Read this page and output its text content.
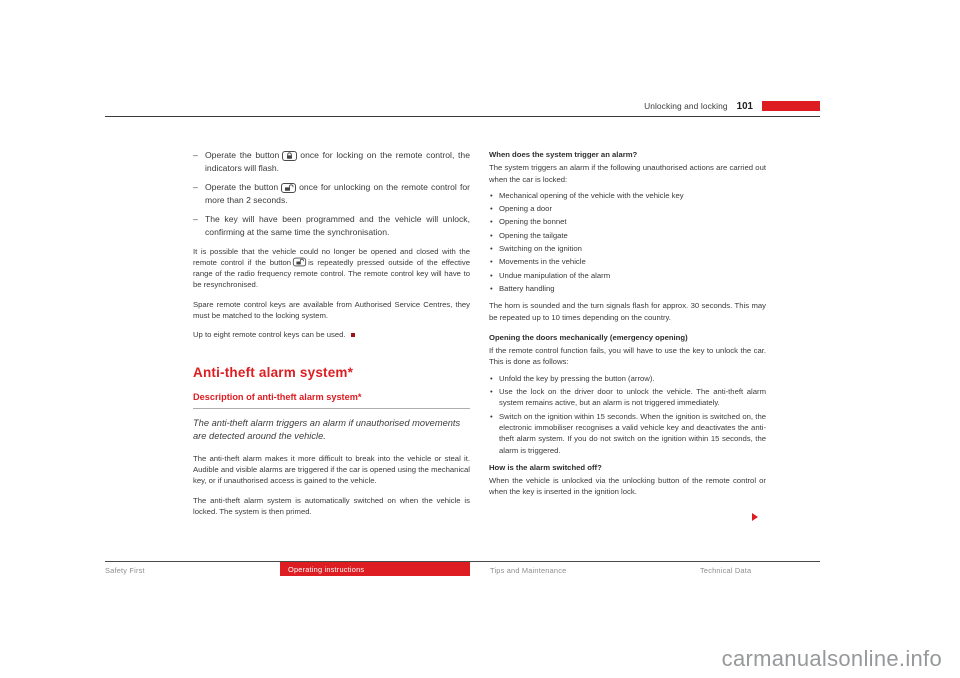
Unlocking and locking 101
– Operate the button once for locking on the remote control, the indicators will flash.
– Operate the button once for unlocking on the remote control for more than 2 seconds.
– The key will have been programmed and the vehicle will unlock, confirming at the same time the synchronisation.

It is possible that the vehicle could no longer be opened and closed with the remote control if the button is repeatedly pressed outside of the effective range of the radio frequency remote control. The remote control key will have to be resynchronised.

Spare remote control keys are available from Authorised Service Centres, they must be matched to the locking system.

Up to eight remote control keys can be used.

Anti-theft alarm system*
Description of anti-theft alarm system*

The anti-theft alarm triggers an alarm if unauthorised movements are detected around the vehicle.

The anti-theft alarm makes it more difficult to break into the vehicle or steal it. Audible and visible alarms are triggered if the car is opened using the mechanical key, or if unauthorised access is gained to the vehicle.

The anti-theft alarm system is automatically switched on when the vehicle is locked. The system is then primed.

When does the system trigger an alarm?

The system triggers an alarm if the following unauthorised actions are carried out when the car is locked:

• Mechanical opening of the vehicle with the vehicle key
• Opening a door
• Opening the bonnet
• Opening the tailgate
• Switching on the ignition
• Movements in the vehicle
• Undue manipulation of the alarm
• Battery handling

The horn is sounded and the turn signals flash for approx. 30 seconds. This may be repeated up to 10 times depending on the country.

Opening the doors mechanically (emergency opening)

If the remote control function fails, you will have to use the key to unlock the car. This is done as follows:

• Unfold the key by pressing the button (arrow).
• Use the lock on the driver door to unlock the vehicle. The anti-theft alarm system remains active, but an alarm is not triggered immediately.
• Switch on the ignition within 15 seconds. When the ignition is switched on, the electronic immobiliser recognises a valid vehicle key and deactivates the anti-theft alarm system. If you do not switch on the ignition within 15 seconds, the alarm is triggered.
How is the alarm switched off?

When the vehicle is unlocked via the unlocking button of the remote control or when the key is inserted in the ignition lock.

Safety First	Operating instructions	Tips and Maintenance	Technical Data
carmanualsonline.info
